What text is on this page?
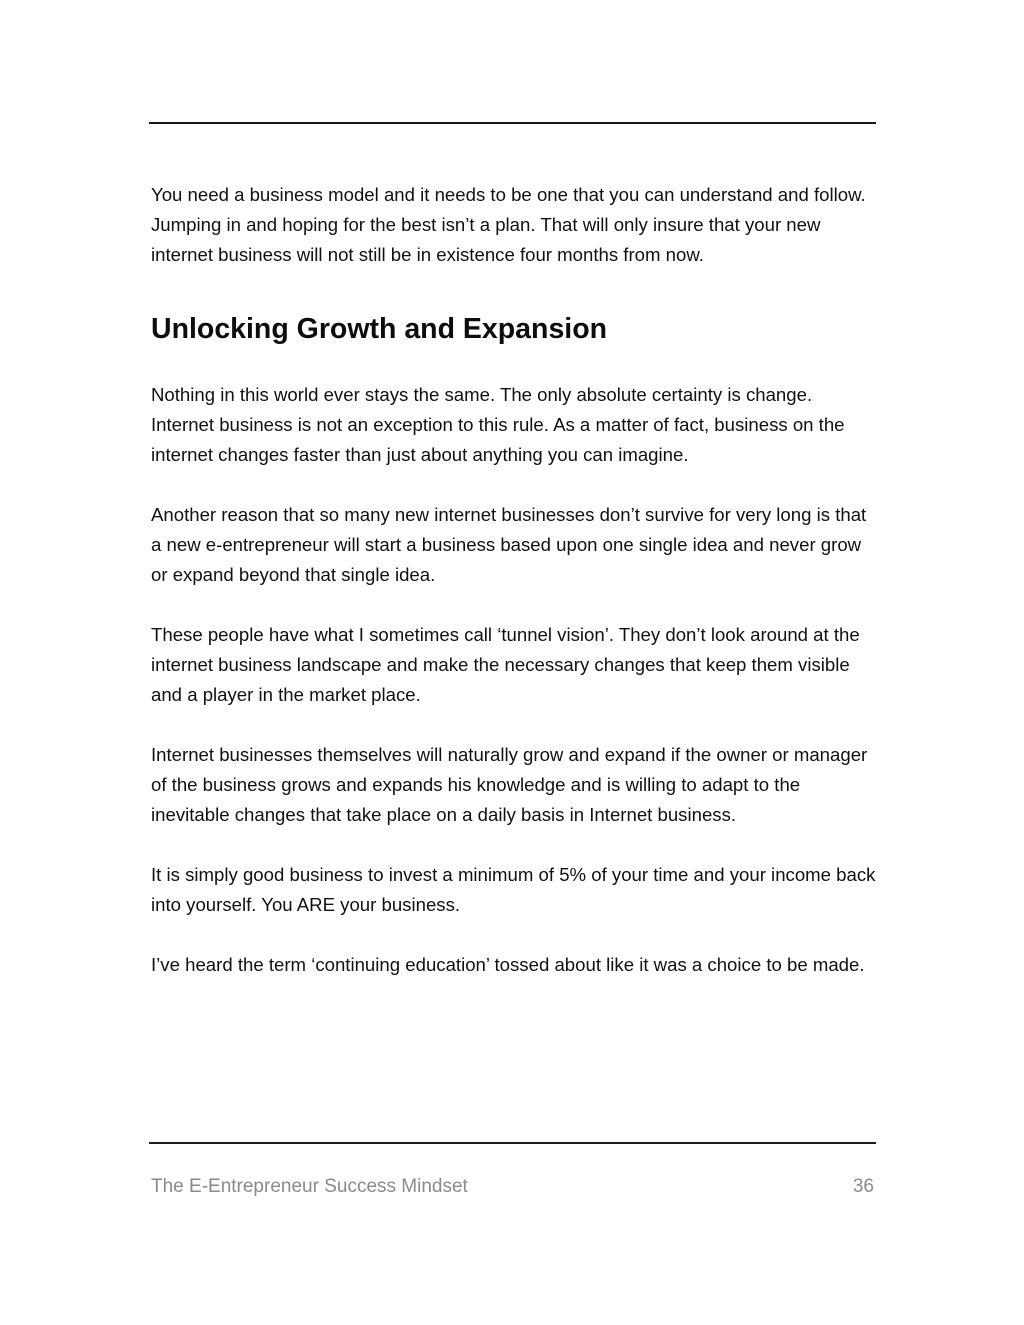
You need a business model and it needs to be one that you can understand and follow. Jumping in and hoping for the best isn’t a plan. That will only insure that your new internet business will not still be in existence four months from now.

Unlocking Growth and Expansion

Nothing in this world ever stays the same. The only absolute certainty is change. Internet business is not an exception to this rule. As a matter of fact, business on the internet changes faster than just about anything you can imagine.

Another reason that so many new internet businesses don’t survive for very long is that a new e-entrepreneur will start a business based upon one single idea and never grow or expand beyond that single idea.

These people have what I sometimes call ‘tunnel vision’. They don’t look around at the internet business landscape and make the necessary changes that keep them visible and a player in the market place.

Internet businesses themselves will naturally grow and expand if the owner or manager of the business grows and expands his knowledge and is willing to adapt to the inevitable changes that take place on a daily basis in Internet business.

It is simply good business to invest a minimum of 5% of your time and your income back into yourself. You ARE your business.

I’ve heard the term ‘continuing education’ tossed about like it was a choice to be made.

The E-Entrepreneur Success Mindset	36
